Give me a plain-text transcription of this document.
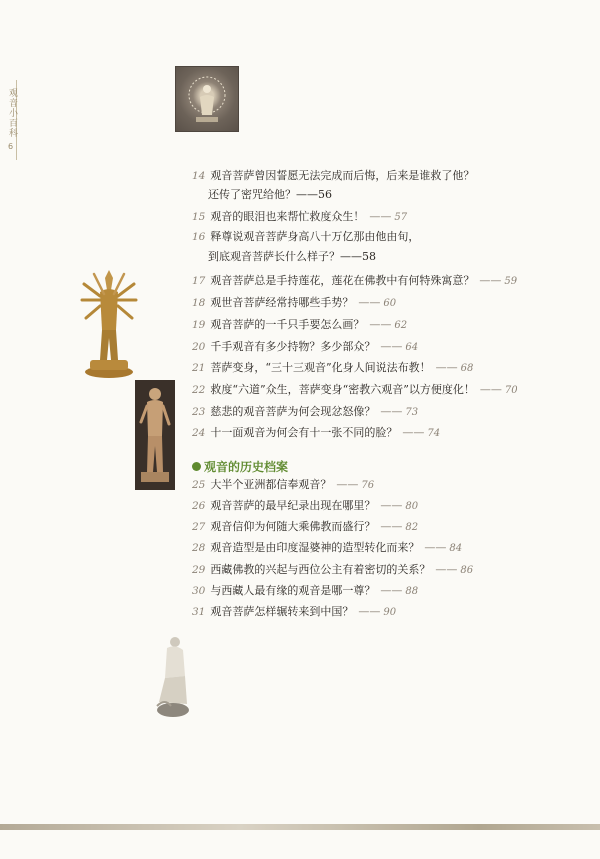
观音小百科
6
14 观音菩萨曾因誓愿无法完成而后悔，后来是谁救了他？
还传了密咒给他？——56
15 观音的眼泪也来帮忙救度众生！ —— 57
16 释尊说观音菩萨身高八十万亿那由他由旬，
到底观音菩萨长什么样子？——58
17 观音菩萨总是手持莲花，莲花在佛教中有何特殊寓意？ —— 59
18 观世音菩萨经常持哪些手势？ —— 60
19 观音菩萨的一千只手要怎么画？ —— 62
20 千手观音有多少持物？多少部众？ —— 64
21 菩萨变身，“三十三观音”化身人间说法布教！ —— 68
22 救度“六道”众生，菩萨变身“密教六观音”以方便度化！ —— 70
23 慈悲的观音菩萨为何会现忿怒像？ —— 73
24 十一面观音为何会有十一张不同的脸？ —— 74
观音的历史档案
25 大半个亚洲都信奉观音？ —— 76
26 观音菩萨的最早纪录出现在哪里？ —— 80
27 观音信仰为何随大乘佛教而盛行？ —— 82
28 观音造型是由印度湿婆神的造型转化而来？ —— 84
29 西藏佛教的兴起与西位公主有着密切的关系？ —— 86
30 与西藏人最有缘的观音是哪一尊？ —— 88
31 观音菩萨怎样辗转来到中国？ —— 90
